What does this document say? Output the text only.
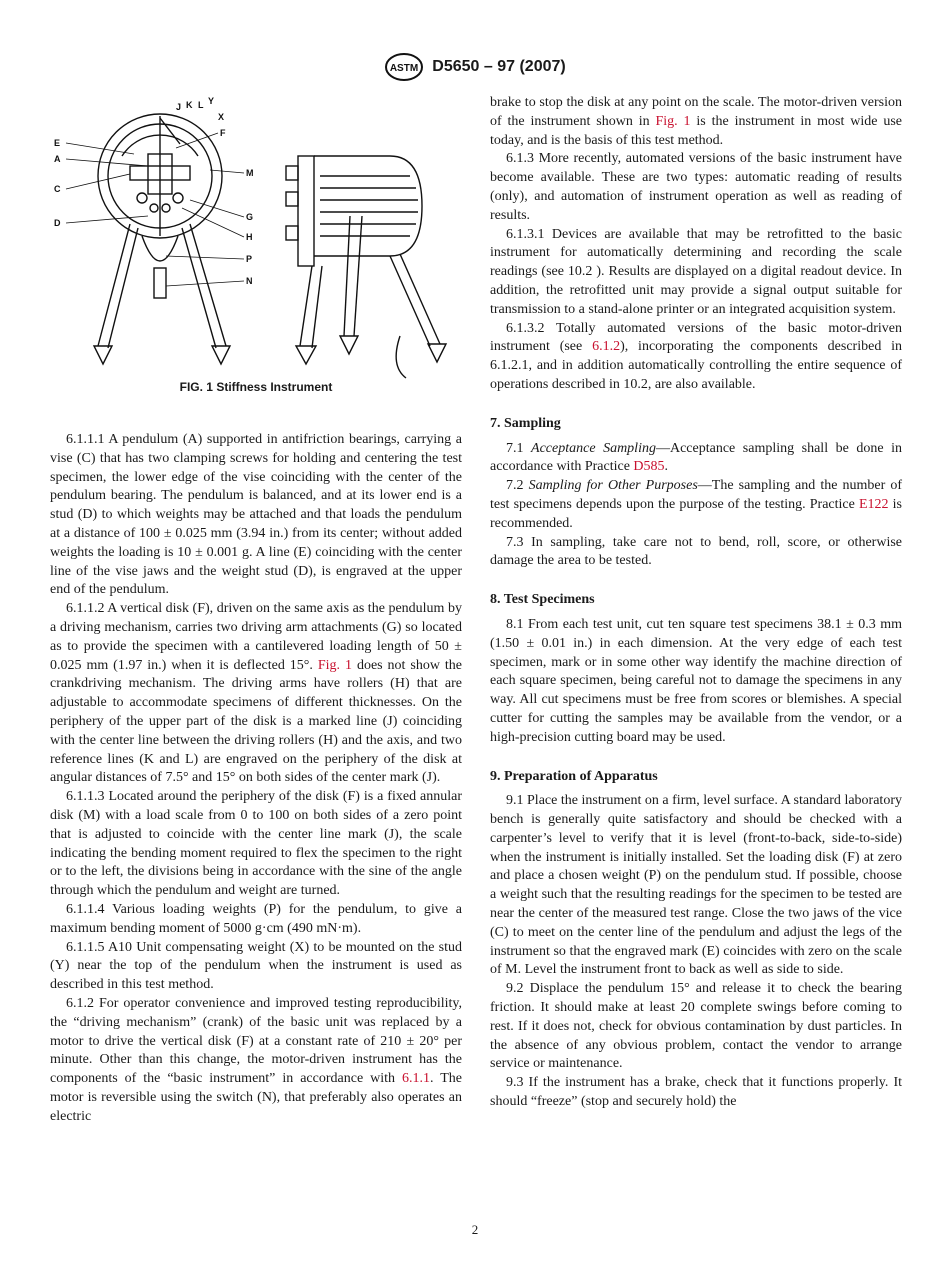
ASTM D5650 – 97 (2007)
J K L Y
X
E
A
F
M
C
D
G
H
P
N
FIG. 1 Stiffness Instrument

6.1.1.1 A pendulum (A) supported in antifriction bearings, carrying a vise (C) that has two clamping screws for holding and centering the test specimen, the lower edge of the vise coinciding with the center of the pendulum bearing. The pendulum is balanced, and at its lower end is a stud (D) to which weights may be attached and that loads the pendulum at a distance of 100 ± 0.025 mm (3.94 in.) from its center; without added weights the loading is 10 ± 0.001 g. A line (E) coinciding with the center line of the vise jaws and the weight stud (D), is engraved at the upper end of the pendulum.

6.1.1.2 A vertical disk (F), driven on the same axis as the pendulum by a driving mechanism, carries two driving arm attachments (G) so located as to provide the specimen with a cantilevered loading length of 50 ± 0.025 mm (1.97 in.) when it is deflected 15°. Fig. 1 does not show the crankdriving mechanism. The driving arms have rollers (H) that are adjustable to accommodate specimens of different thicknesses. On the periphery of the upper part of the disk is a marked line (J) coinciding with the center line between the driving rollers (H) and the axis, and two reference lines (K and L) are engraved on the periphery of the disk at angular distances of 7.5° and 15° on both sides of the center mark (J).

6.1.1.3 Located around the periphery of the disk (F) is a fixed annular disk (M) with a load scale from 0 to 100 on both sides of a zero point that is adjusted to coincide with the center line mark (J), the scale indicating the bending moment required to flex the specimen to the right or to the left, the divisions being in accordance with the sine of the angle through which the pendulum and weight are turned.

6.1.1.4 Various loading weights (P) for the pendulum, to give a maximum bending moment of 5000 g·cm (490 mN·m).

6.1.1.5 A10 Unit compensating weight (X) to be mounted on the stud (Y) near the top of the pendulum when the instrument is used as described in this test method.

6.1.2 For operator convenience and improved testing reproducibility, the “driving mechanism” (crank) of the basic unit was replaced by a motor to drive the vertical disk (F) at a constant rate of 210 ± 20° per minute. Other than this change, the motor-driven instrument has the components of the “basic instrument” in accordance with 6.1.1. The motor is reversible using the switch (N), that preferably also operates an electric

brake to stop the disk at any point on the scale. The motor-driven version of the instrument shown in Fig. 1 is the instrument in most wide use today, and is the basis of this test method.

6.1.3 More recently, automated versions of the basic instrument have become available. These are two types: automatic reading of results (only), and automation of instrument operation as well as reading of results.

6.1.3.1 Devices are available that may be retrofitted to the basic instrument for automatically determining and recording the scale readings (see 10.2 ). Results are displayed on a digital readout device. In addition, the retrofitted unit may provide a signal output suitable for transmission to a stand-alone printer or an integrated acquisition system.

6.1.3.2 Totally automated versions of the basic motor-driven instrument (see 6.1.2), incorporating the components described in 6.1.2.1, and in addition automatically controlling the entire sequence of operations described in 10.2, are also available.

7. Sampling

7.1 Acceptance Sampling—Acceptance sampling shall be done in accordance with Practice D585.

7.2 Sampling for Other Purposes—The sampling and the number of test specimens depends upon the purpose of the testing. Practice E122 is recommended.

7.3 In sampling, take care not to bend, roll, score, or otherwise damage the area to be tested.

8. Test Specimens

8.1 From each test unit, cut ten square test specimens 38.1 ± 0.3 mm (1.50 ± 0.01 in.) in each dimension. At the very edge of each test specimen, mark or in some other way identify the machine direction of each square specimen, being careful not to damage the specimens in any way. All cut specimens must be free from scores or blemishes. A special cutter for cutting the samples may be available from the vendor, or a high-precision cutting board may be used.

9. Preparation of Apparatus

9.1 Place the instrument on a firm, level surface. A standard laboratory bench is generally quite satisfactory and should be checked with a carpenter’s level to verify that it is level (front-to-back, side-to-side) when the instrument is initially installed. Set the loading disk (F) at zero and place a chosen weight (P) on the pendulum stud. If possible, choose a weight such that the resulting readings for the specimen to be tested are near the center of the measured test range. Close the two jaws of the vice (C) to meet on the center line of the pendulum and adjust the legs of the instrument so that the engraved mark (E) coincides with zero on the scale of M. Level the instrument front to back as well as side to side.

9.2 Displace the pendulum 15° and release it to check the bearing friction. It should make at least 20 complete swings before coming to rest. If it does not, check for obvious contamination by dust particles. In the absence of any obvious problem, contact the vendor to arrange service or maintenance.

9.3 If the instrument has a brake, check that it functions properly. It should “freeze” (stop and securely hold) the

2
